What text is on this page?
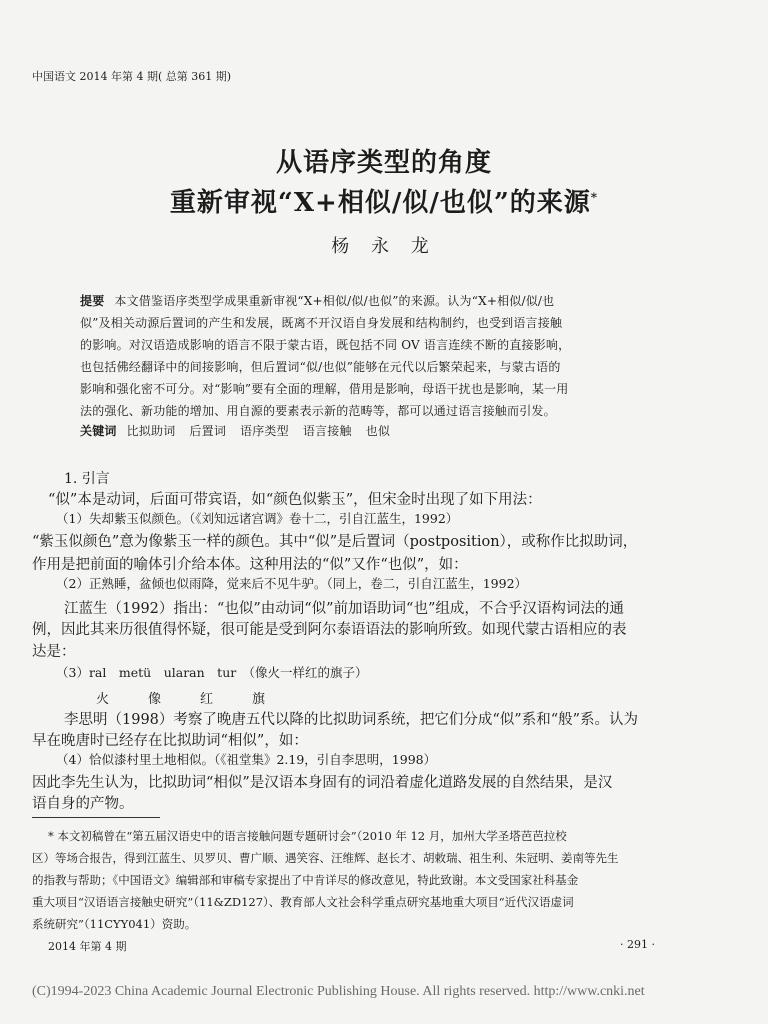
中国语文 2014 年第 4 期( 总第 361 期)
从语序类型的角度
重新审视“X+相似/似/也似”的来源*
杨 永 龙
提要 本文借鉴语序类型学成果重新审视“X+相似/似/也似”的来源。认为“X+相似/似/也
似”及相关动源后置词的产生和发展，既离不开汉语自身发展和结构制约，也受到语言接触
的影响。对汉语造成影响的语言不限于蒙古语，既包括不同 OV 语言连续不断的直接影响，
也包括佛经翻译中的间接影响，但后置词“似/也似”能够在元代以后繁荣起来，与蒙古语的
影响和强化密不可分。对“影响”要有全面的理解，借用是影响，母语干扰也是影响，某一用
法的强化、新功能的增加、用自源的要素表示新的范畴等，都可以通过语言接触而引发。
关键词 比拟助词 后置词 语序类型 语言接触 也似
1. 引言
“似”本是动词，后面可带宾语，如“颜色似紫玉”，但宋金时出现了如下用法：
（1）失却紫玉似颜色。（《刘知远诸宫调》卷十二，引自江蓝生，1992）
“紫玉似颜色”意为像紫玉一样的颜色。其中“似”是后置词（postposition），或称作比拟助词，
作用是把前面的喻体引介给本体。这种用法的“似”又作“也似”，如：
（2）正熟睡，盆倾也似雨降，觉来后不见牛驴。（同上，卷二，引自江蓝生，1992）
江蓝生（1992）指出：“也似”由动词“似”前加语助词“也”组成，不合乎汉语构词法的通
例，因此其来历很值得怀疑，很可能是受到阿尔泰语语法的影响所致。如现代蒙古语相应的表
达是：
（3）ral　metü　ularan　tur　（像火一样红的旗子）
火	像	红	旗
李思明（1998）考察了晚唐五代以降的比拟助词系统，把它们分成“似”系和“般”系。认为
早在晚唐时已经存在比拟助词“相似”，如：
（4）恰似漆村里土地相似。（《祖堂集》2.19，引自李思明，1998）
因此李先生认为，比拟助词“相似”是汉语本身固有的词沿着虚化道路发展的自然结果，是汉
语自身的产物。
* 本文初稿曾在“第五届汉语史中的语言接触问题专题研讨会”（2010 年 12 月，加州大学圣塔芭芭拉校
区）等场合报告，得到江蓝生、贝罗贝、曹广顺、遇笑容、汪维辉、赵长才、胡敕瑞、祖生利、朱冠明、姜南等先生
的指教与帮助；《中国语文》编辑部和审稿专家提出了中肯详尽的修改意见，特此致谢。本文受国家社科基金
重大项目“汉语语言接触史研究”（11&ZD127）、教育部人文社会科学重点研究基地重大项目“近代汉语虚词
系统研究”（11CYY041）资助。
2014 年第 4 期	· 291 ·
(C)1994-2023 China Academic Journal Electronic Publishing House. All rights reserved. http://www.cnki.net
